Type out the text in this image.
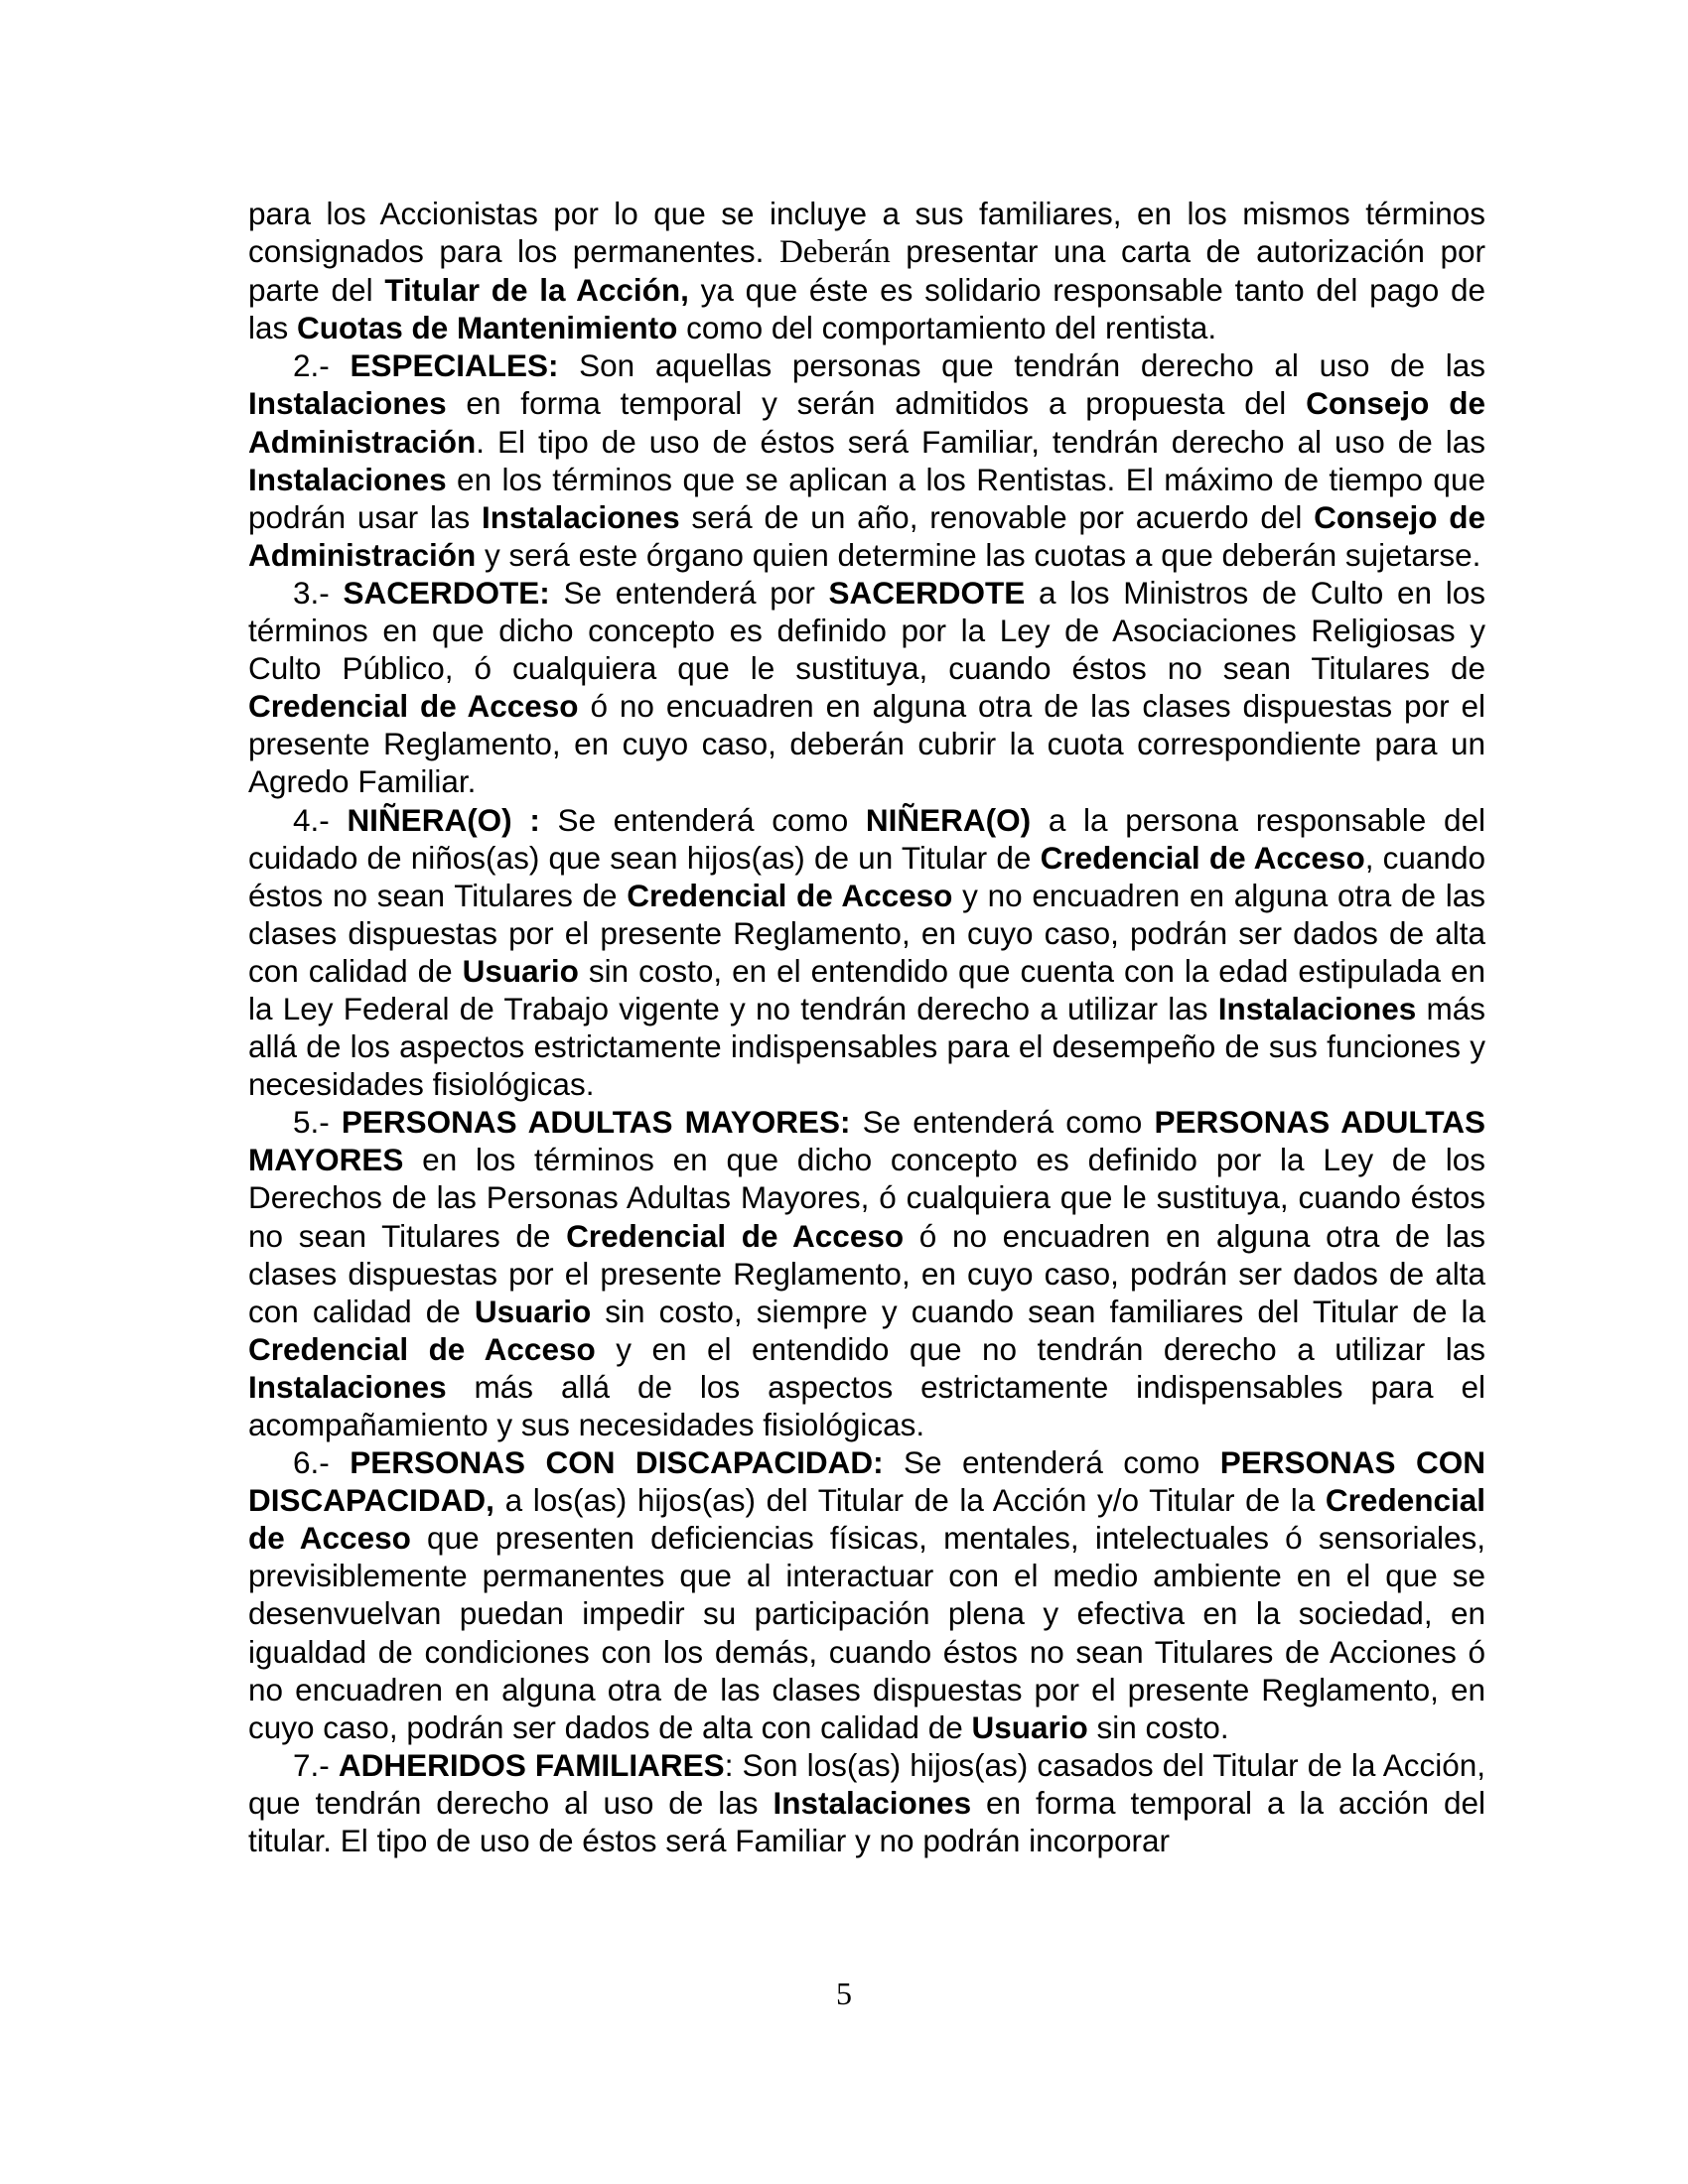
para los Accionistas por lo que se incluye a sus familiares, en los mismos términos consignados para los permanentes. Deberán presentar una carta de autorización por parte del Titular de la Acción, ya que éste es solidario responsable tanto del pago de las Cuotas de Mantenimiento como del comportamiento del rentista.

2.- ESPECIALES: Son aquellas personas que tendrán derecho al uso de las Instalaciones en forma temporal y serán admitidos a propuesta del Consejo de Administración. El tipo de uso de éstos será Familiar, tendrán derecho al uso de las Instalaciones en los términos que se aplican a los Rentistas. El máximo de tiempo que podrán usar las Instalaciones será de un año, renovable por acuerdo del Consejo de Administración y será este órgano quien determine las cuotas a que deberán sujetarse.

3.- SACERDOTE: Se entenderá por SACERDOTE a los Ministros de Culto en los términos en que dicho concepto es definido por la Ley de Asociaciones Religiosas y Culto Público, ó cualquiera que le sustituya, cuando éstos no sean Titulares de Credencial de Acceso ó no encuadren en alguna otra de las clases dispuestas por el presente Reglamento, en cuyo caso, deberán cubrir la cuota correspondiente para un Agredo Familiar.

4.- NIÑERA(O) : Se entenderá como NIÑERA(O) a la persona responsable del cuidado de niños(as) que sean hijos(as) de un Titular de Credencial de Acceso, cuando éstos no sean Titulares de Credencial de Acceso y no encuadren en alguna otra de las clases dispuestas por el presente Reglamento, en cuyo caso, podrán ser dados de alta con calidad de Usuario sin costo, en el entendido que cuenta con la edad estipulada en la Ley Federal de Trabajo vigente y no tendrán derecho a utilizar las Instalaciones más allá de los aspectos estrictamente indispensables para el desempeño de sus funciones y necesidades fisiológicas.

5.- PERSONAS ADULTAS MAYORES: Se entenderá como PERSONAS ADULTAS MAYORES en los términos en que dicho concepto es definido por la Ley de los Derechos de las Personas Adultas Mayores, ó cualquiera que le sustituya, cuando éstos no sean Titulares de Credencial de Acceso ó no encuadren en alguna otra de las clases dispuestas por el presente Reglamento, en cuyo caso, podrán ser dados de alta con calidad de Usuario sin costo, siempre y cuando sean familiares del Titular de la Credencial de Acceso y en el entendido que no tendrán derecho a utilizar las Instalaciones más allá de los aspectos estrictamente indispensables para el acompañamiento y sus necesidades fisiológicas.

6.- PERSONAS CON DISCAPACIDAD: Se entenderá como PERSONAS CON DISCAPACIDAD, a los(as) hijos(as) del Titular de la Acción y/o Titular de la Credencial de Acceso que presenten deficiencias físicas, mentales, intelectuales ó sensoriales, previsiblemente permanentes que al interactuar con el medio ambiente en el que se desenvuelvan puedan impedir su participación plena y efectiva en la sociedad, en igualdad de condiciones con los demás, cuando éstos no sean Titulares de Acciones ó no encuadren en alguna otra de las clases dispuestas por el presente Reglamento, en cuyo caso, podrán ser dados de alta con calidad de Usuario sin costo.

7.- ADHERIDOS FAMILIARES: Son los(as) hijos(as) casados del Titular de la Acción, que tendrán derecho al uso de las Instalaciones en forma temporal a la acción del titular. El tipo de uso de éstos será Familiar y no podrán incorporar

5
